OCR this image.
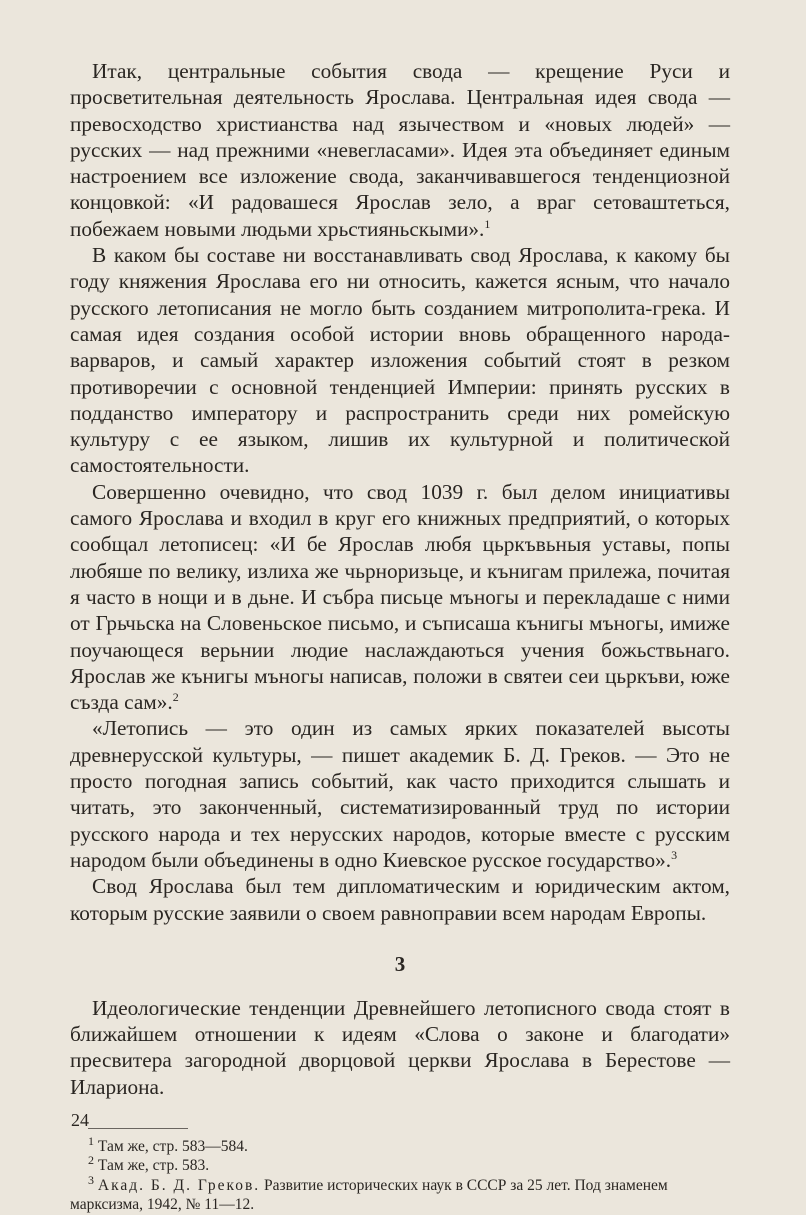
Итак, центральные события свода — крещение Руси и просветительная деятельность Ярослава. Центральная идея свода — превосходство христианства над язычеством и «новых людей» — русских — над прежними «невегласами». Идея эта объединяет единым настроением все изложение свода, заканчивавшегося тенденциозной концовкой: «И радовашеся Ярослав зело, а враг сетоваштеться, побежаем новыми людьми хрьстияньскыми».$^1$

В каком бы составе ни восстанавливать свод Ярослава, к какому бы году княжения Ярослава его ни относить, кажется ясным, что начало русского летописания не могло быть созданием митрополита-грека. И самая идея создания особой истории вновь обращенного народа-варваров, и самый характер изложения событий стоят в резком противоречии с основной тенденцией Империи: принять русских в подданство императору и распространить среди них ромейскую культуру с ее языком, лишив их культурной и политической самостоятельности.

Совершенно очевидно, что свод 1039 г. был делом инициативы самого Ярослава и входил в круг его книжных предприятий, о которых сообщал летописец: «И бе Ярослав любя цьркъвьныя уставы, попы любяше по велику, излиха же чьрноризьце, и кънигам прилежа, почитая я часто в нощи и в дьне. И събра письце мъногы и перекладаше с ними от Грьчьска на Словеньское письмо, и съписаша кънигы мъногы, имиже поучающеся верьнии людие наслаждаються учения божьствьнаго. Ярослав же кънигы мъногы написав, положи в святеи сеи цьркъви, юже създа сам».$^2$

«Летопись — это один из самых ярких показателей высоты древнерусской культуры, — пишет академик Б. Д. Греков. — Это не просто погодная запись событий, как часто приходится слышать и читать, это законченный, систематизированный труд по истории русского народа и тех нерусских народов, которые вместе с русским народом были объединены в одно Киевское русское государство».$^3$

Свод Ярослава был тем дипломатическим и юридическим актом, которым русские заявили о своем равноправии всем народам Европы.

3

Идеологические тенденции Древнейшего летописного свода стоят в ближайшем отношении к идеям «Слова о законе и благодати» пресвитера загородной дворцовой церкви Ярослава в Берестове — Илариона.

$^1$ Там же, стр. 583—584.

$^2$ Там же, стр. 583.

$^3$ Акад. Б. Д. Греков. Развитие исторических наук в СССР за 25 лет. Под знаменем марксизма, 1942, № 11—12.

24
